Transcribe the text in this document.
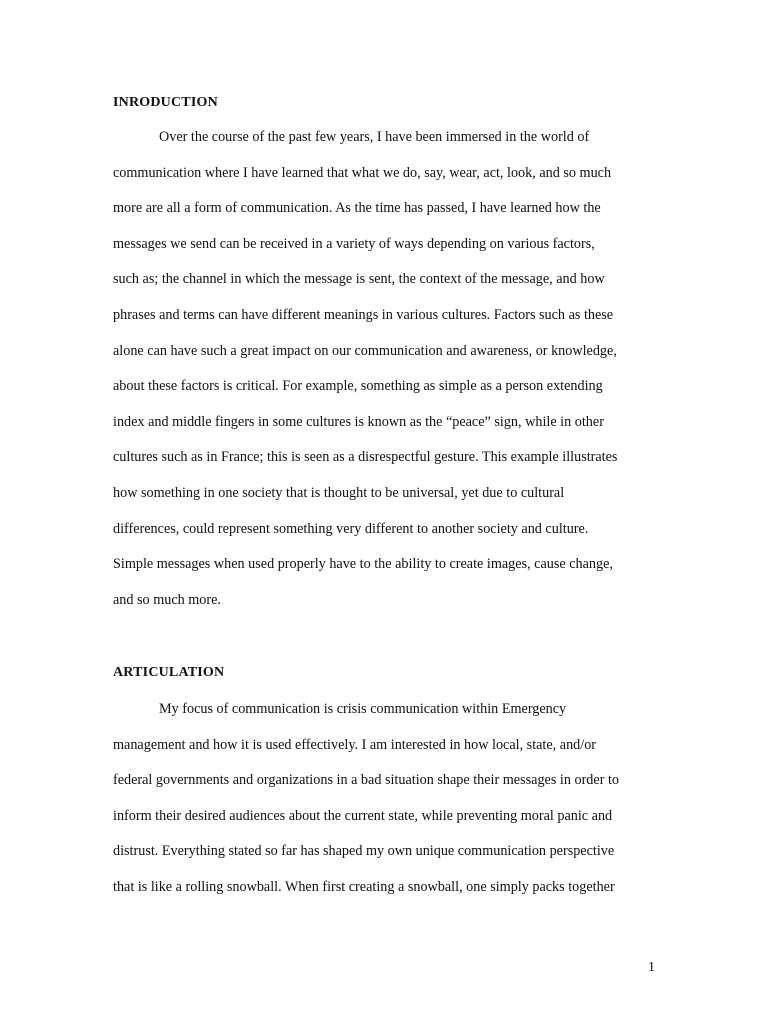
INRODUCTION
Over the course of the past few years, I have been immersed in the world of
communication where I have learned that what we do, say, wear, act, look, and so much
more are all a form of communication. As the time has passed, I have learned how the
messages we send can be received in a variety of ways depending on various factors,
such as; the channel in which the message is sent, the context of the message, and how
phrases and terms can have different meanings in various cultures. Factors such as these
alone can have such a great impact on our communication and awareness, or knowledge,
about these factors is critical. For example, something as simple as a person extending
index and middle fingers in some cultures is known as the “peace” sign, while in other
cultures such as in France; this is seen as a disrespectful gesture. This example illustrates
how something in one society that is thought to be universal, yet due to cultural
differences, could represent something very different to another society and culture.
Simple messages when used properly have to the ability to create images, cause change,
and so much more.
ARTICULATION
My focus of communication is crisis communication within Emergency
management and how it is used effectively. I am interested in how local, state, and/or
federal governments and organizations in a bad situation shape their messages in order to
inform their desired audiences about the current state, while preventing moral panic and
distrust. Everything stated so far has shaped my own unique communication perspective
that is like a rolling snowball. When first creating a snowball, one simply packs together
1
